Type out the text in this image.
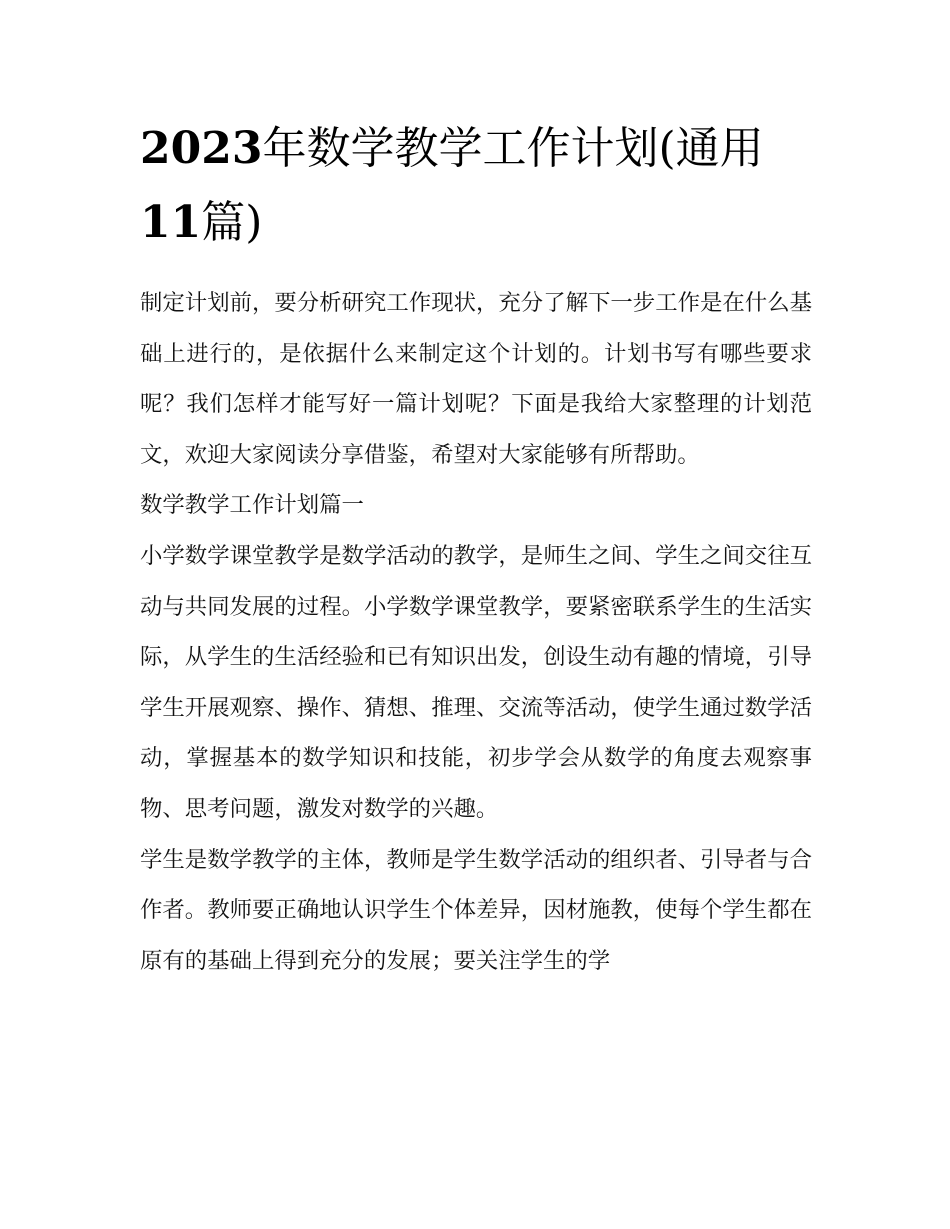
2023年数学教学工作计划(通用11篇)

制定计划前，要分析研究工作现状，充分了解下一步工作是在什么基础上进行的，是依据什么来制定这个计划的。计划书写有哪些要求呢？我们怎样才能写好一篇计划呢？下面是我给大家整理的计划范文，欢迎大家阅读分享借鉴，希望对大家能够有所帮助。

数学教学工作计划篇一

小学数学课堂教学是数学活动的教学，是师生之间、学生之间交往互动与共同发展的过程。小学数学课堂教学，要紧密联系学生的生活实际，从学生的生活经验和已有知识出发，创设生动有趣的情境，引导学生开展观察、操作、猜想、推理、交流等活动，使学生通过数学活动，掌握基本的数学知识和技能，初步学会从数学的角度去观察事物、思考问题，激发对数学的兴趣。

学生是数学教学的主体，教师是学生数学活动的组织者、引导者与合作者。教师要正确地认识学生个体差异，因材施教，使每个学生都在原有的基础上得到充分的发展；要关注学生的学
